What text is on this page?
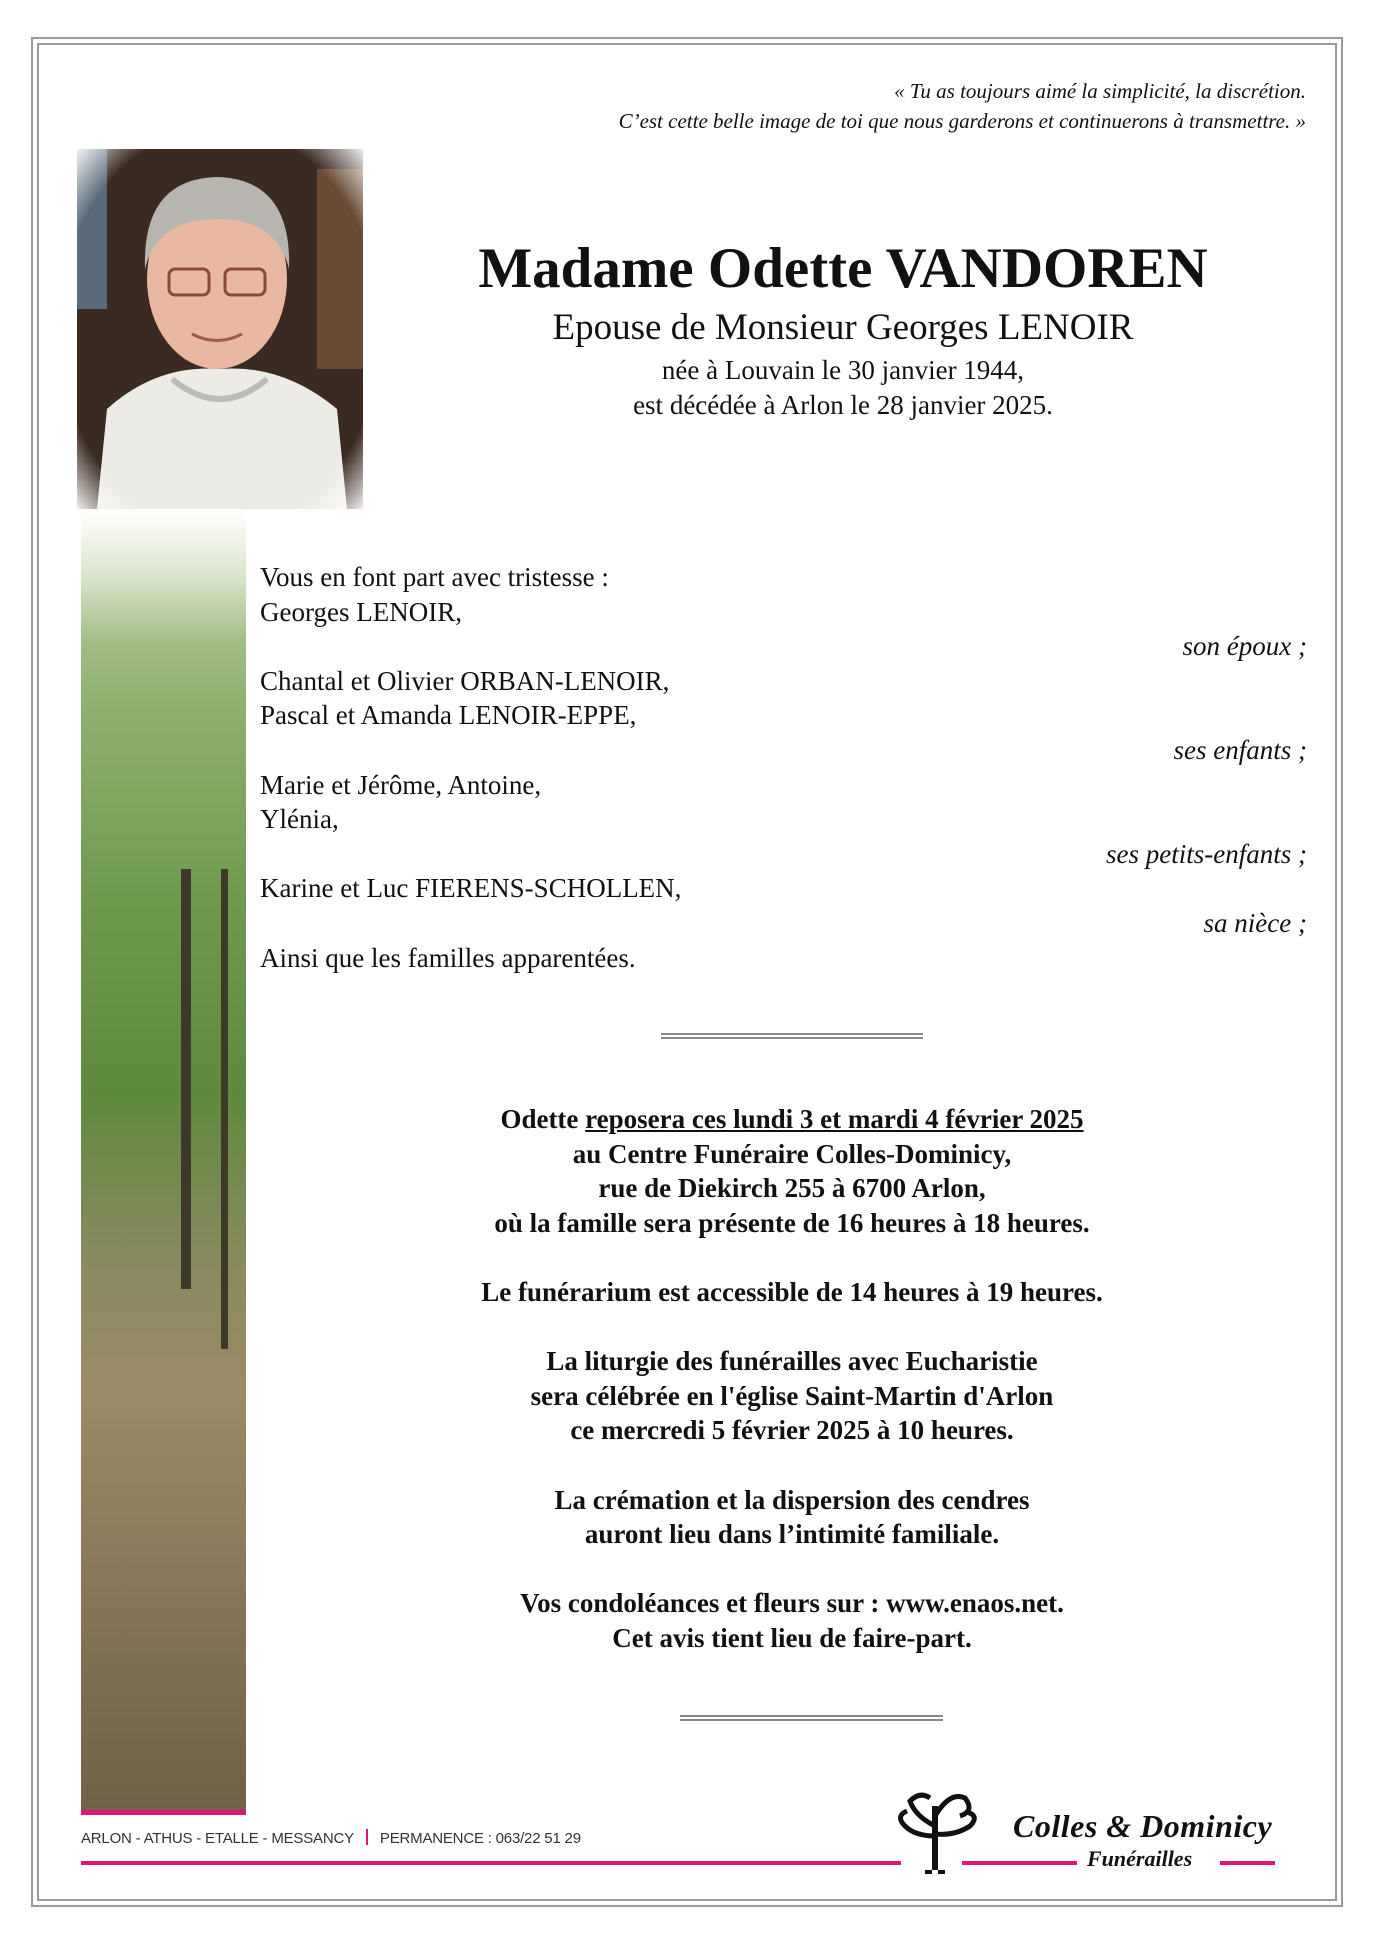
« Tu as toujours aimé la simplicité, la discrétion.
C’est cette belle image de toi que nous garderons et continuerons à transmettre. »
Madame Odette VANDOREN
Epouse de Monsieur Georges LENOIR
née à Louvain le 30 janvier 1944,
est décédée à Arlon le 28 janvier 2025.
Vous en font part avec tristesse :
Georges LENOIR,
son époux ;
Chantal et Olivier ORBAN-LENOIR,
Pascal et Amanda LENOIR-EPPE,
ses enfants ;
Marie et Jérôme, Antoine,
Ylénia,
ses petits-enfants ;
Karine et Luc FIERENS-SCHOLLEN,
sa nièce ;
Ainsi que les familles apparentées.
Odette reposera ces lundi 3 et mardi 4 février 2025
au Centre Funéraire Colles-Dominicy,
rue de Diekirch 255 à 6700 Arlon,
où la famille sera présente de 16 heures à 18 heures.

Le funérarium est accessible de 14 heures à 19 heures.

La liturgie des funérailles avec Eucharistie
sera célébrée en l'église Saint-Martin d'Arlon
ce mercredi 5 février 2025 à 10 heures.

La crémation et la dispersion des cendres
auront lieu dans l’intimité familiale.

Vos condoléances et fleurs sur : www.enaos.net.
Cet avis tient lieu de faire-part.
ARLON - ATHUS - ETALLE - MESSANCY PERMANENCE : 063/22 51 29	Colles & Dominicy
Funérailles
